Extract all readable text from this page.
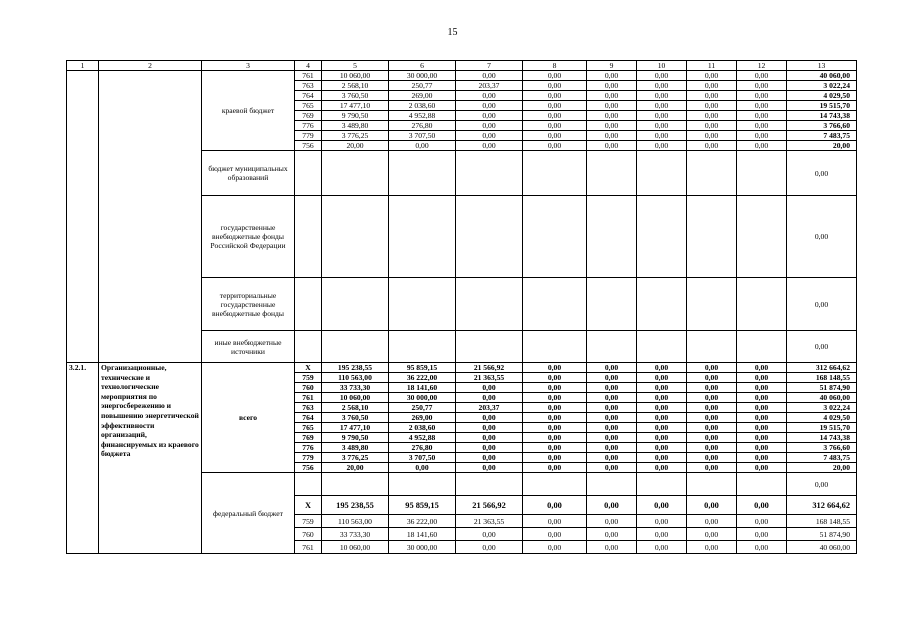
15
1	2	3	4	5	6	7	8	9	10	11	12	13
		краевой бюджет	761	10 060,00	30 000,00	0,00	0,00	0,00	0,00	0,00	0,00	40 060,00
			763	2 568,10	250,77	203,37	0,00	0,00	0,00	0,00	0,00	3 022,24
			764	3 760,50	269,00	0,00	0,00	0,00	0,00	0,00	0,00	4 029,50
			765	17 477,10	2 038,60	0,00	0,00	0,00	0,00	0,00	0,00	19 515,70
			769	9 790,50	4 952,88	0,00	0,00	0,00	0,00	0,00	0,00	14 743,38
			776	3 489,80	276,80	0,00	0,00	0,00	0,00	0,00	0,00	3 766,60
			779	3 776,25	3 707,50	0,00	0,00	0,00	0,00	0,00	0,00	7 483,75
			756	20,00	0,00	0,00	0,00	0,00	0,00	0,00	0,00	20,00
		бюджет муниципальных образований										0,00
		государственные внебюджетные фонды Российской Федерации										0,00
		территориальные государственные внебюджетные фонды										0,00
		иные внебюджетные источники										0,00
3.2.1.	Организационные, технические и технологические мероприятия по энергосбережению и повышению энергетической эффективности организаций, финансируемых из краевого бюджета	всего	X	195 238,55	95 859,15	21 566,92	0,00	0,00	0,00	0,00	0,00	312 664,62
			759	110 563,00	36 222,00	21 363,55	0,00	0,00	0,00	0,00	0,00	168 148,55
			760	33 733,30	18 141,60	0,00	0,00	0,00	0,00	0,00	0,00	51 874,90
			761	10 060,00	30 000,00	0,00	0,00	0,00	0,00	0,00	0,00	40 060,00
			763	2 568,10	250,77	203,37	0,00	0,00	0,00	0,00	0,00	3 022,24
			764	3 760,50	269,00	0,00	0,00	0,00	0,00	0,00	0,00	4 029,50
			765	17 477,10	2 038,60	0,00	0,00	0,00	0,00	0,00	0,00	19 515,70
			769	9 790,50	4 952,88	0,00	0,00	0,00	0,00	0,00	0,00	14 743,38
			776	3 489,80	276,80	0,00	0,00	0,00	0,00	0,00	0,00	3 766,60
			779	3 776,25	3 707,50	0,00	0,00	0,00	0,00	0,00	0,00	7 483,75
			756	20,00	0,00	0,00	0,00	0,00	0,00	0,00	0,00	20,00
		федеральный бюджет										0,00
			X	195 238,55	95 859,15	21 566,92	0,00	0,00	0,00	0,00	0,00	312 664,62
			759	110 563,00	36 222,00	21 363,55	0,00	0,00	0,00	0,00	0,00	168 148,55
			760	33 733,30	18 141,60	0,00	0,00	0,00	0,00	0,00	0,00	51 874,90
			761	10 060,00	30 000,00	0,00	0,00	0,00	0,00	0,00	0,00	40 060,00
